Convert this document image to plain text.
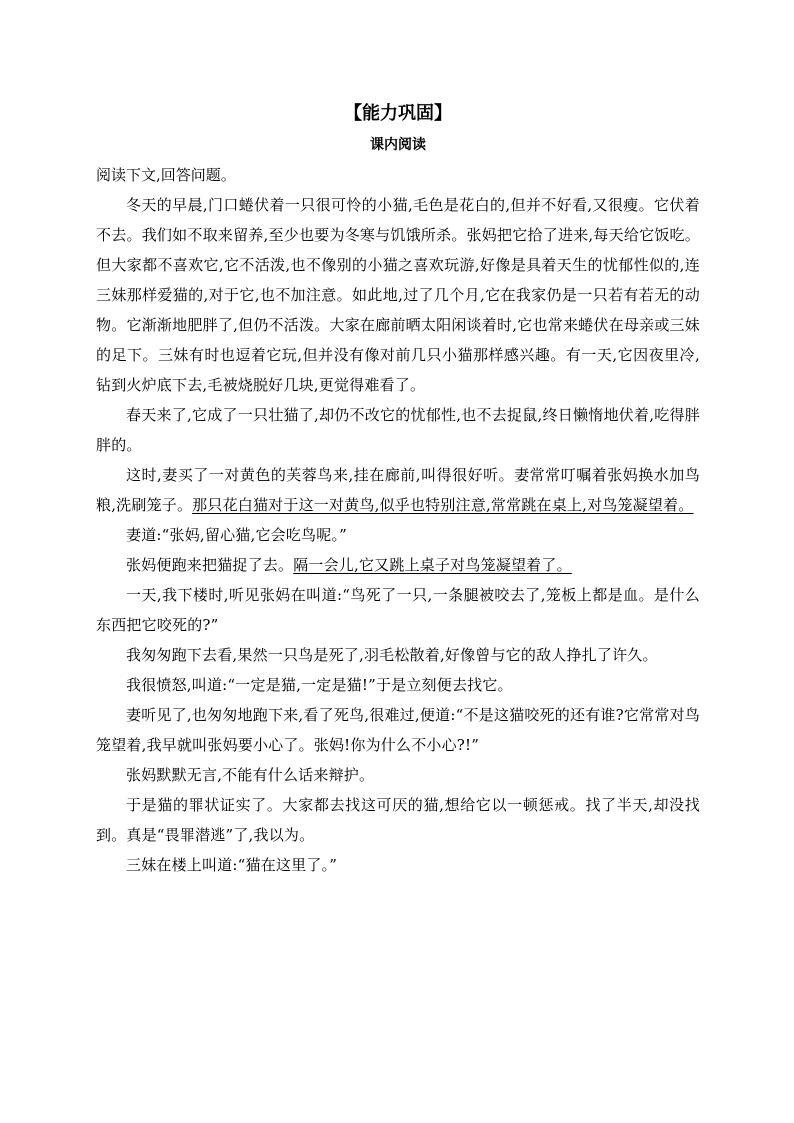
【能力巩固】
课内阅读

阅读下文,回答问题。

冬天的早晨,门口蜷伏着一只很可怜的小猫,毛色是花白的,但并不好看,又很瘦。它伏着不去。我们如不取来留养,至少也要为冬寒与饥饿所杀。张妈把它拾了进来,每天给它饭吃。但大家都不喜欢它,它不活泼,也不像别的小猫之喜欢玩游,好像是具着天生的忧郁性似的,连三妹那样爱猫的,对于它,也不加注意。如此地,过了几个月,它在我家仍是一只若有若无的动物。它渐渐地肥胖了,但仍不活泼。大家在廊前晒太阳闲谈着时,它也常来蜷伏在母亲或三妹的足下。三妹有时也逗着它玩,但并没有像对前几只小猫那样感兴趣。有一天,它因夜里冷,钻到火炉底下去,毛被烧脱好几块,更觉得难看了。

春天来了,它成了一只壮猫了,却仍不改它的忧郁性,也不去捉鼠,终日懒惰地伏着,吃得胖胖的。

这时,妻买了一对黄色的芙蓉鸟来,挂在廊前,叫得很好听。妻常常叮嘱着张妈换水加鸟粮,洗刷笼子。那只花白猫对于这一对黄鸟,似乎也特别注意,常常跳在桌上,对鸟笼凝望着。

妻道:“张妈,留心猫,它会吃鸟呢。”

张妈便跑来把猫捉了去。隔一会儿,它又跳上桌子对鸟笼凝望着了。

一天,我下楼时,听见张妈在叫道:“鸟死了一只,一条腿被咬去了,笼板上都是血。是什么东西把它咬死的?”

我匆匆跑下去看,果然一只鸟是死了,羽毛松散着,好像曾与它的敌人挣扎了许久。

我很愤怒,叫道:“一定是猫,一定是猫!”于是立刻便去找它。

妻听见了,也匆匆地跑下来,看了死鸟,很难过,便道:“不是这猫咬死的还有谁?它常常对鸟笼望着,我早就叫张妈要小心了。张妈!你为什么不小心?!”

张妈默默无言,不能有什么话来辩护。

于是猫的罪状证实了。大家都去找这可厌的猫,想给它以一顿惩戒。找了半天,却没找到。真是“畏罪潜逃”了,我以为。

三妹在楼上叫道:“猫在这里了。”
